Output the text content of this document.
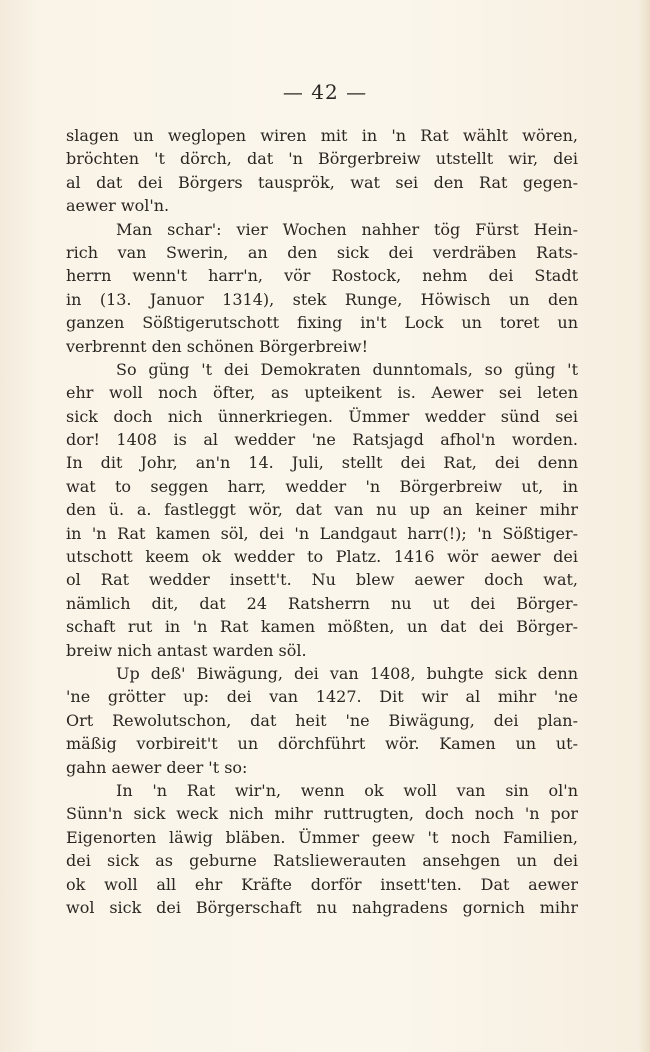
— 42 —
slagen un weglopen wiren mit in 'n Rat wählt wören,
bröchten 't dörch, dat 'n Börgerbreiw utstellt wir, dei
al dat dei Börgers tausprök, wat sei den Rat gegen-
aewer wol'n.
Man schar': vier Wochen nahher tög Fürst Hein-
rich van Swerin, an den sick dei verdräben Rats-
herrn wenn't harr'n, vör Rostock, nehm dei Stadt
in (13. Januor 1314), stek Runge, Höwisch un den
ganzen Sößtigerutschott fixing in't Lock un toret un
verbrennt den schönen Börgerbreiw!
So güng 't dei Demokraten dunntomals, so güng 't
ehr woll noch öfter, as upteikent is. Aewer sei leten
sick doch nich ünnerkriegen. Ümmer wedder sünd sei
dor! 1408 is al wedder 'ne Ratsjagd afhol'n worden.
In dit Johr, an'n 14. Juli, stellt dei Rat, dei denn
wat to seggen harr, wedder 'n Börgerbreiw ut, in
den ü. a. fastleggt wör, dat van nu up an keiner mihr
in 'n Rat kamen söl, dei 'n Landgaut harr(!); 'n Sößtiger-
utschott keem ok wedder to Platz. 1416 wör aewer dei
ol Rat wedder insett't. Nu blew aewer doch wat,
nämlich dit, dat 24 Ratsherrn nu ut dei Börger-
schaft rut in 'n Rat kamen mößten, un dat dei Börger-
breiw nich antast warden söl.
Up deß' Biwägung, dei van 1408, buhgte sick denn
'ne grötter up: dei van 1427. Dit wir al mihr 'ne
Ort Rewolutschon, dat heit 'ne Biwägung, dei plan-
mäßig vorbireit't un dörchführt wör. Kamen un ut-
gahn aewer deer 't so:
In 'n Rat wir'n, wenn ok woll van sin ol'n
Sünn'n sick weck nich mihr ruttrugten, doch noch 'n por
Eigenorten läwig bläben. Ümmer geew 't noch Familien,
dei sick as geburne Ratsliewerauten ansehgen un dei
ok woll all ehr Kräfte dorför insett'ten. Dat aewer
wol sick dei Börgerschaft nu nahgradens gornich mihr
